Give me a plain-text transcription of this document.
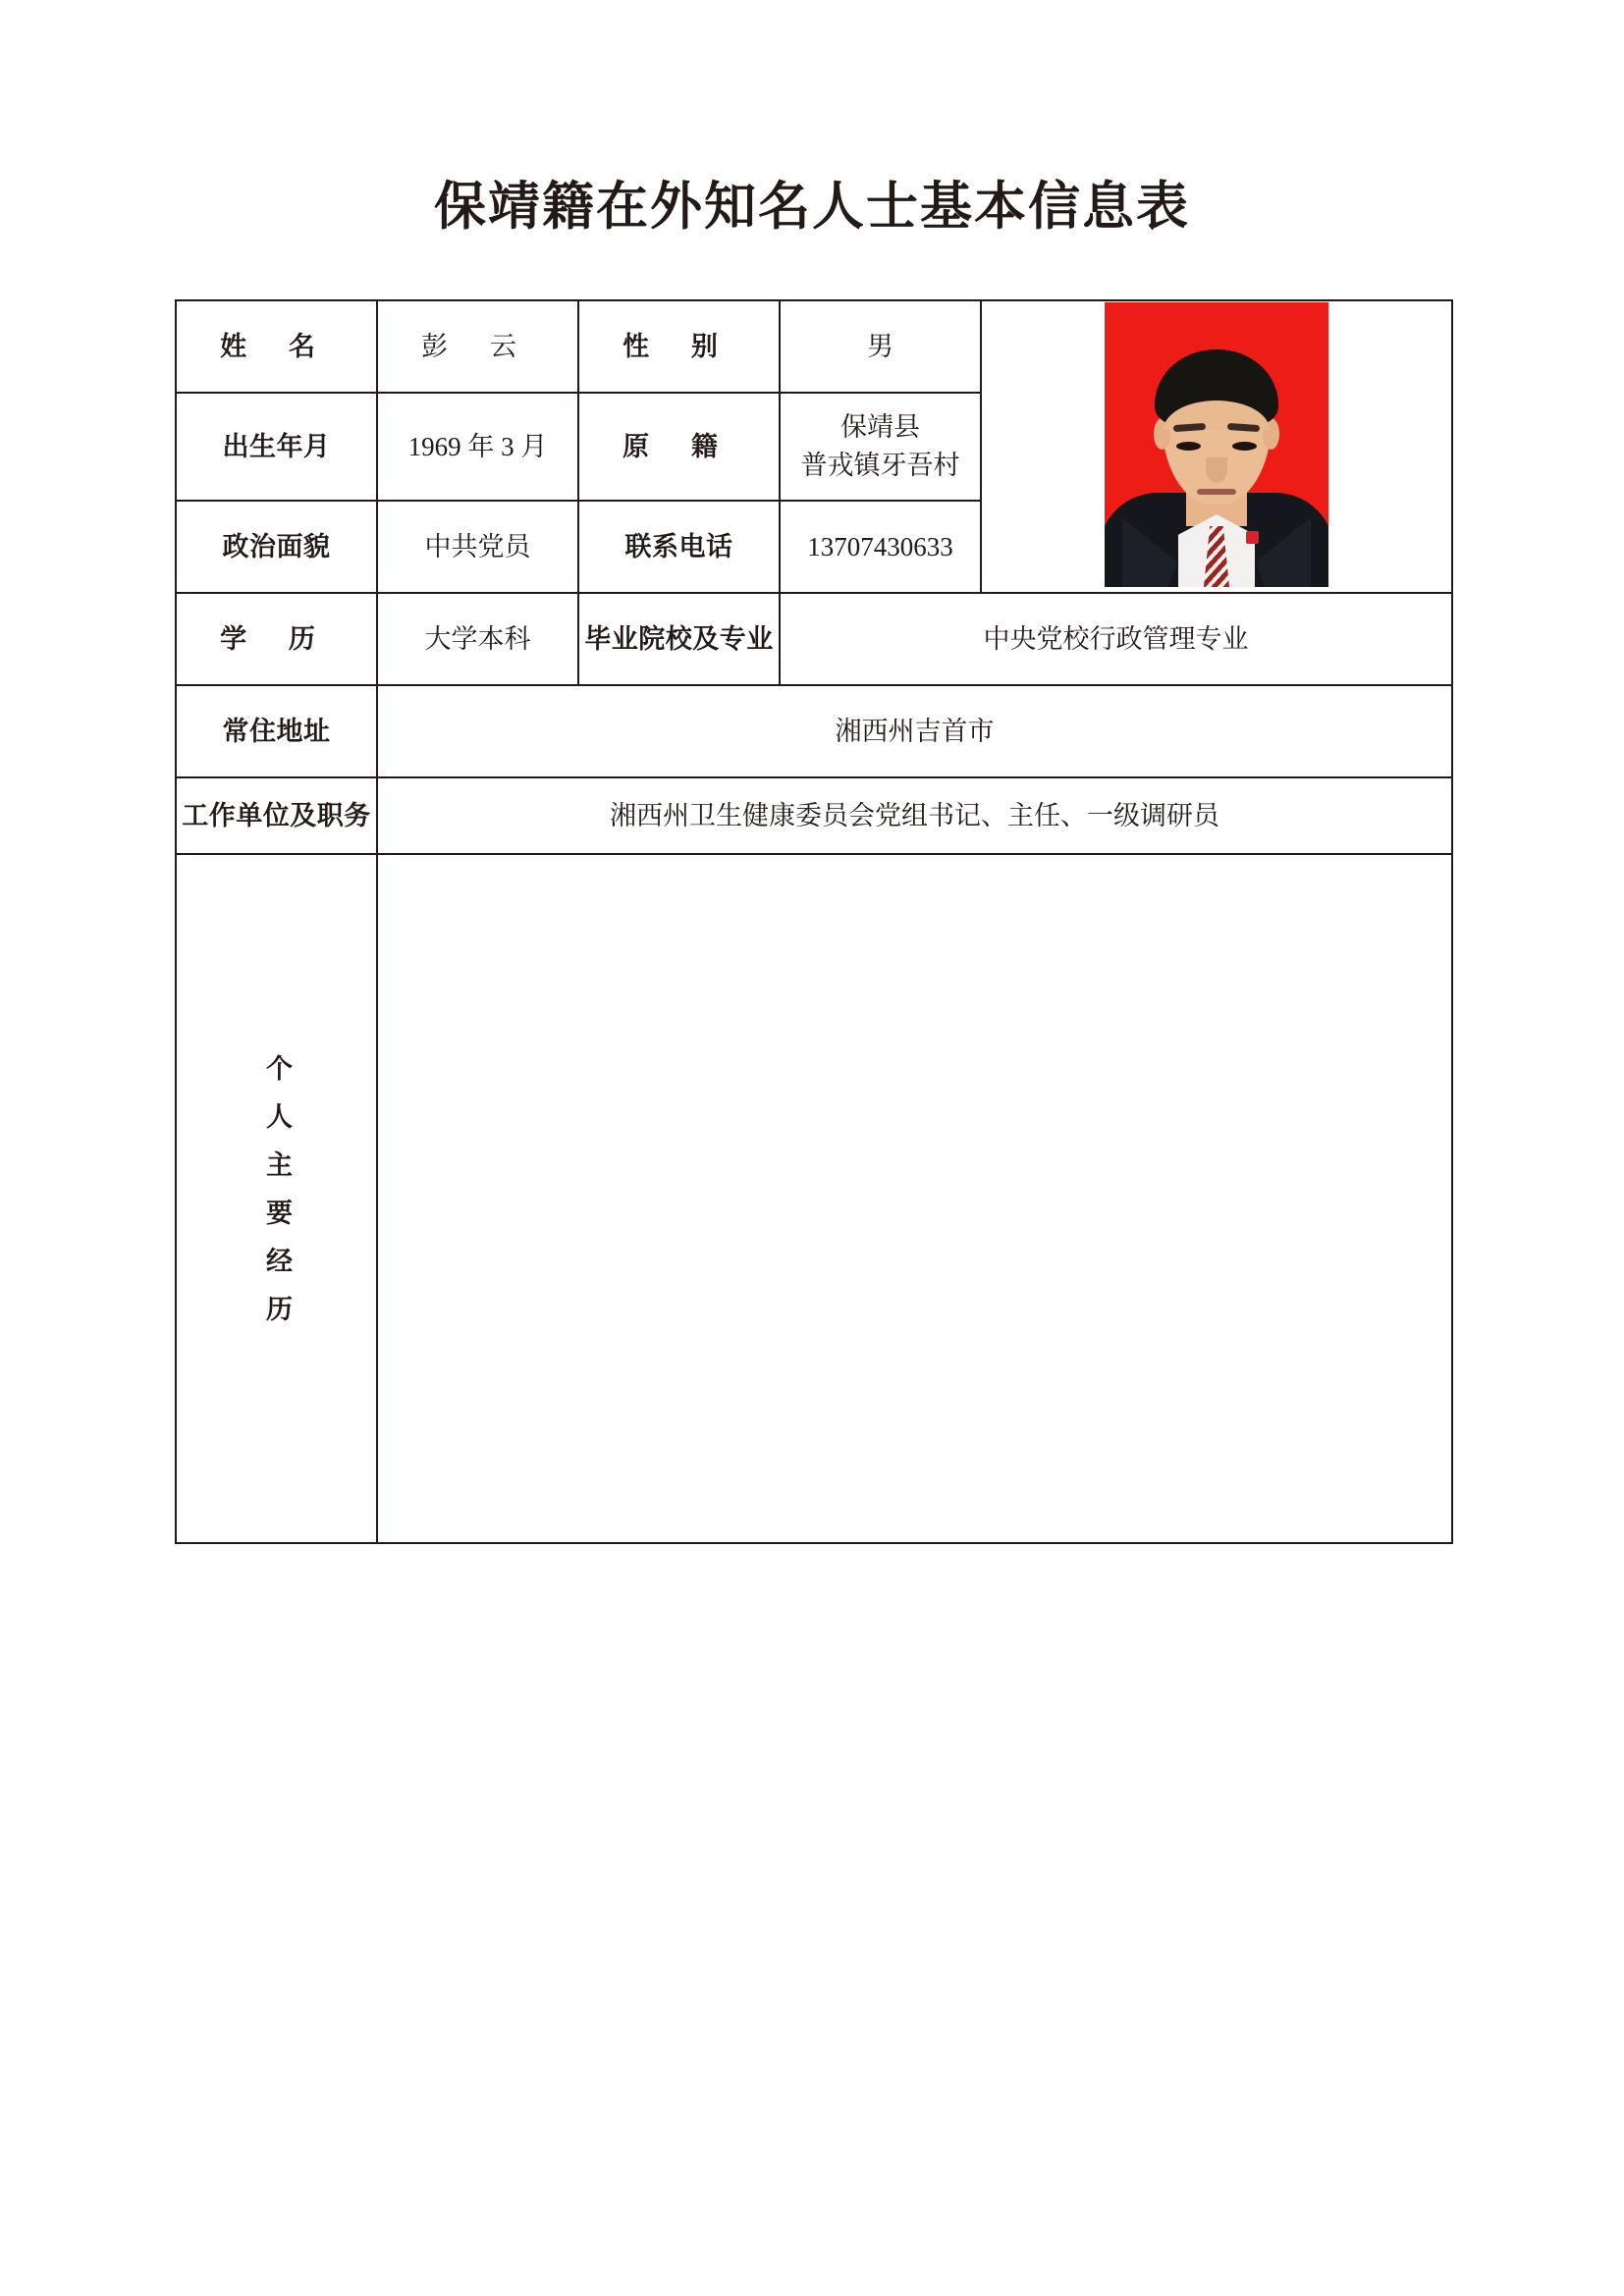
保靖籍在外知名人士基本信息表
姓 名	彭 云	性 别	男	

出生年月	1969 年 3 月	原 籍	保靖县
普戎镇牙吾村	

政治面貌	中共党员	联系电话	13707430633	
学 历	大学本科	毕业院校及专业	中央党校行政管理专业	
常住地址	湘西州吉首市			
工作单位及职务	湘西州卫生健康委员会党组书记、主任、一级调研员			

个人主要经历				
